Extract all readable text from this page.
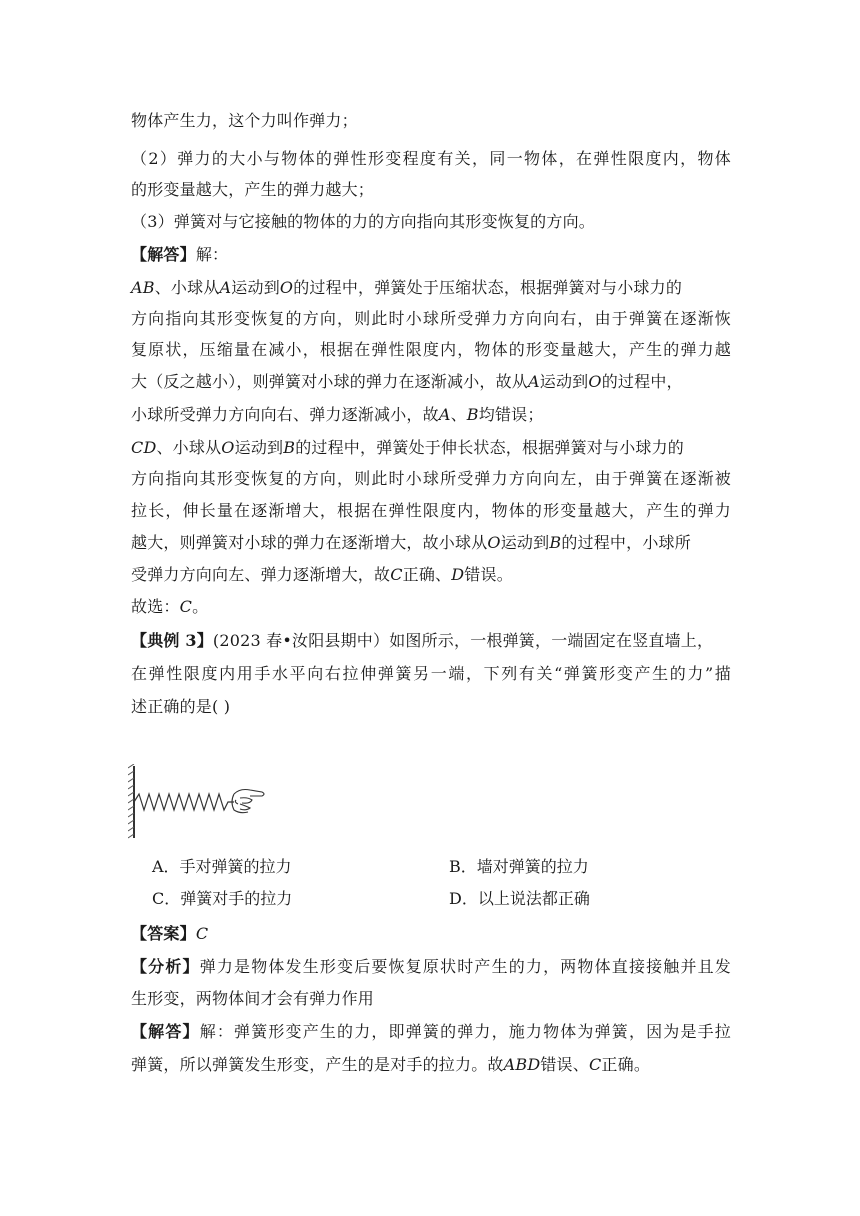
物体产生力，这个力叫作弹力；
（2）弹力的大小与物体的弹性形变程度有关，同一物体，在弹性限度内，物体
的形变量越大，产生的弹力越大；
（3）弹簧对与它接触的物体的力的方向指向其形变恢复的方向。
【解答】解：
AB、小球从A运动到O的过程中，弹簧处于压缩状态，根据弹簧对与小球力的
方向指向其形变恢复的方向，则此时小球所受弹力方向向右，由于弹簧在逐渐恢
复原状，压缩量在减小，根据在弹性限度内，物体的形变量越大，产生的弹力越
大（反之越小），则弹簧对小球的弹力在逐渐减小，故从A运动到O的过程中，
小球所受弹力方向向右、弹力逐渐减小，故A、B均错误；
CD、小球从O运动到B的过程中，弹簧处于伸长状态，根据弹簧对与小球力的
方向指向其形变恢复的方向，则此时小球所受弹力方向向左，由于弹簧在逐渐被
拉长，伸长量在逐渐增大，根据在弹性限度内，物体的形变量越大，产生的弹力
越大，则弹簧对小球的弹力在逐渐增大，故小球从O运动到B的过程中，小球所
受弹力方向向左、弹力逐渐增大，故C正确、D错误。
故选：C。
【典例 3】(2023 春•汝阳县期中）如图所示，一根弹簧，一端固定在竖直墙上，
在弹性限度内用手水平向右拉伸弹簧另一端，下列有关“弹簧形变产生的力”描
述正确的是( )
A．手对弹簧的拉力	B．墙对弹簧的拉力
C．弹簧对手的拉力	D．以上说法都正确
【答案】C
【分析】弹力是物体发生形变后要恢复原状时产生的力，两物体直接接触并且发
生形变，两物体间才会有弹力作用
【解答】解：弹簧形变产生的力，即弹簧的弹力，施力物体为弹簧，因为是手拉
弹簧，所以弹簧发生形变，产生的是对手的拉力。故ABD错误、C正确。
